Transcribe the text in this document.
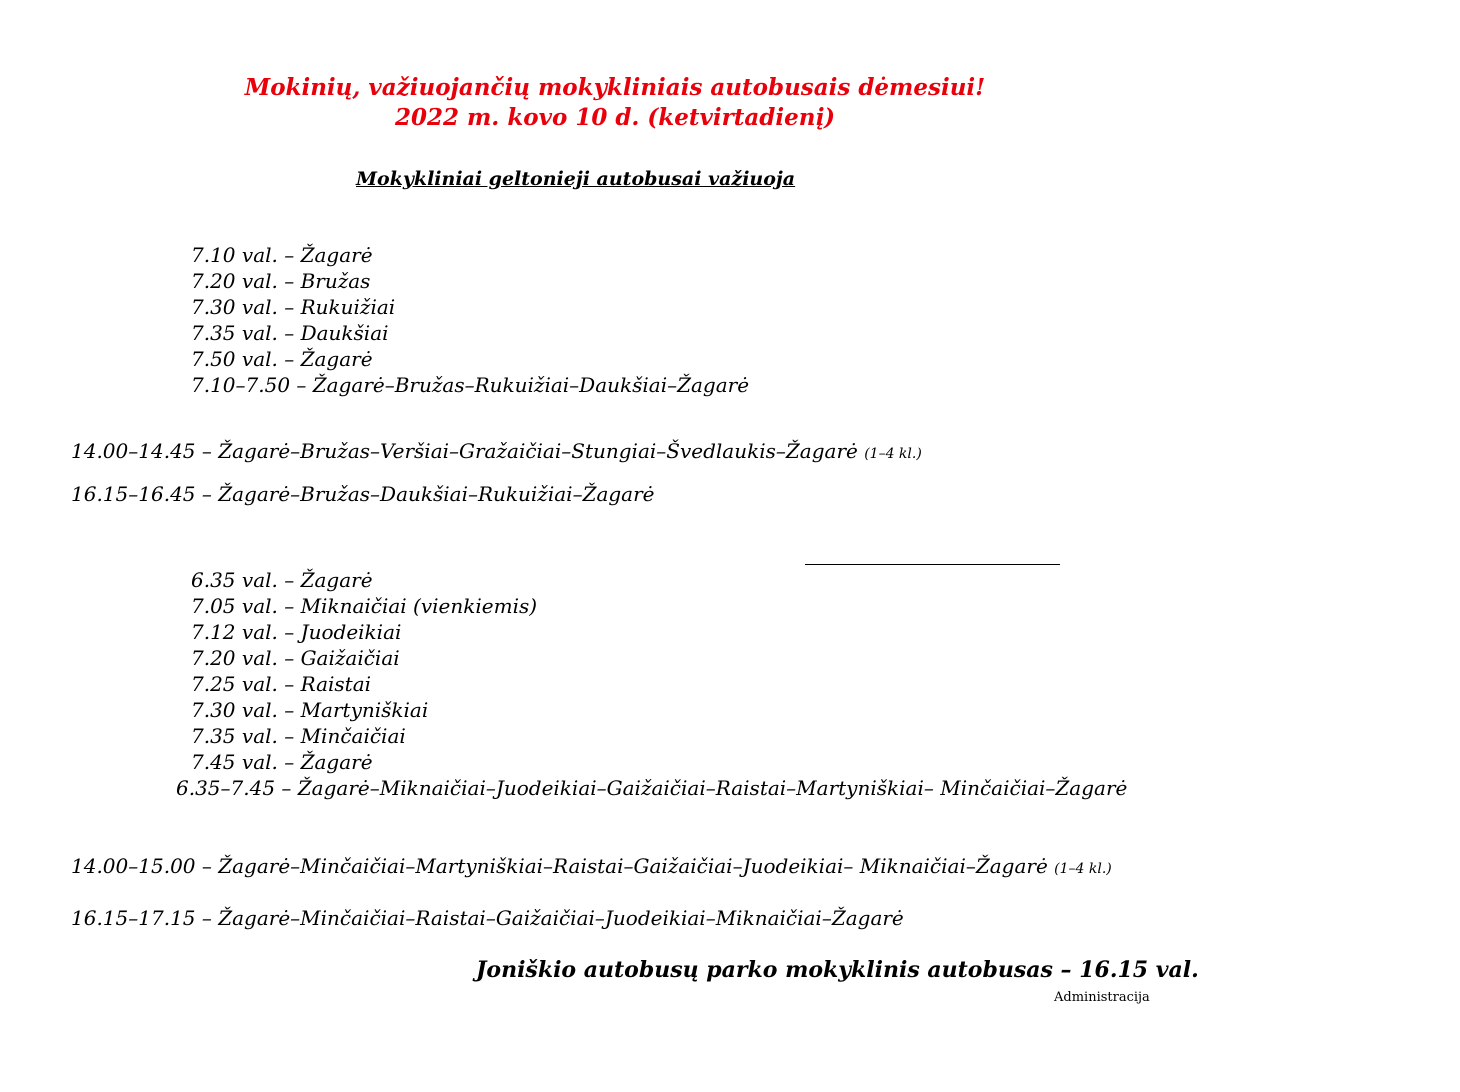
Mokinių, važiuojančių mokykliniais autobusais dėmesiui!
2022 m. kovo 10 d. (ketvirtadienį)
Mokykliniai geltonieji autobusai važiuoja
7.10 val. – Žagarė
7.20 val. – Bružas
7.30 val. – Rukuižiai
7.35 val. – Daukšiai
7.50 val. – Žagarė
7.10–7.50 – Žagarė–Bružas–Rukuižiai–Daukšiai–Žagarė
14.00–14.45 – Žagarė–Bružas–Veršiai–Gražaičiai–Stungiai–Švedlaukis–Žagarė (1–4 kl.)
16.15–16.45 – Žagarė–Bružas–Daukšiai–Rukuižiai–Žagarė
6.35 val. – Žagarė
7.05 val. – Miknaičiai (vienkiemis)
7.12 val. – Juodeikiai
7.20 val. – Gaižaičiai
7.25 val. – Raistai
7.30 val. – Martyniškiai
7.35 val. – Minčaičiai
7.45 val. – Žagarė
6.35–7.45 – Žagarė–Miknaičiai–Juodeikiai–Gaižaičiai–Raistai–Martyniškiai– Minčaičiai–Žagarė
14.00–15.00 – Žagarė–Minčaičiai–Martyniškiai–Raistai–Gaižaičiai–Juodeikiai– Miknaičiai–Žagarė (1–4 kl.)
16.15–17.15 – Žagarė–Minčaičiai–Raistai–Gaižaičiai–Juodeikiai–Miknaičiai–Žagarė
Joniškio autobusų parko mokyklinis autobusas – 16.15 val.
Administracija
